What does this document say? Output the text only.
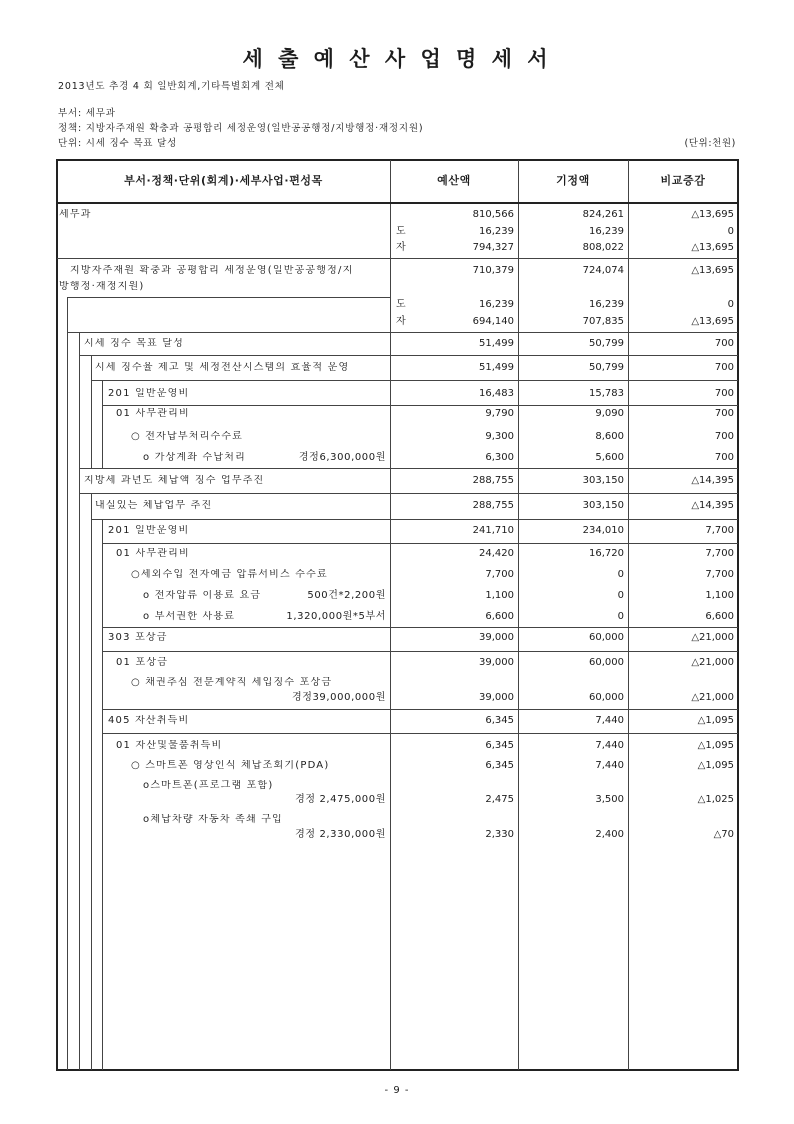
세 출 예 산 사 업 명 세 서
2013년도 추경 4 회 일반회계,기타특별회계 전체
부서: 세무과
정책: 지방자주재원 확충과 공평합리 세정운영(일반공공행정/지방행정·재정지원)
단위: 시세 징수 목표 달성	(단위:천원)
부서·정책·단위(회계)·세부사업·편성목	예산액	기정액	비교증감
세무과	810,566	824,261	△13,695
도	16,239	16,239	0
자	794,327	808,022	△13,695
지방자주재원 확충과 공평합리 세정운영(일반공공행정/지
방행정·재정지원)
710,379	724,074	△13,695
도	16,239	16,239	0
자	694,140	707,835	△13,695
시세 징수 목표 달성	51,499	50,799	700
시세 징수율 제고 및 세정전산시스템의 효율적 운영	51,499	50,799	700
201 일반운영비	16,483	15,783	700
01 사무관리비	9,790	9,090	700
○ 전자납부처리수수료	9,300	8,600	700
o 가상계좌 수납처리	경정6,300,000원	6,300	5,600	700
지방세 과년도 체납액 징수 업무추진	288,755	303,150	△14,395
내실있는 체납업무 추진	288,755	303,150	△14,395
201 일반운영비	241,710	234,010	7,700
01 사무관리비	24,420	16,720	7,700
○세외수입 전자예금 압류서비스 수수료	7,700	0	7,700
o 전자압류 이용료 요금	500건*2,200원	1,100	0	1,100
o 부서권한 사용료	1,320,000원*5부서	6,600	0	6,600
303 포상금	39,000	60,000	△21,000
01 포상금	39,000	60,000	△21,000
○ 채권추심 전문계약직 세입징수 포상금
경정39,000,000원	39,000	60,000	△21,000
405 자산취득비	6,345	7,440	△1,095
01 자산및물품취득비	6,345	7,440	△1,095
○ 스마트폰 영상인식 체납조회기(PDA)	6,345	7,440	△1,095
o스마트폰(프로그램 포함)
경정 2,475,000원	2,475	3,500	△1,025
o체납차량 자동차 족쇄 구입
경정 2,330,000원	2,330	2,400	△70
- 9 -
